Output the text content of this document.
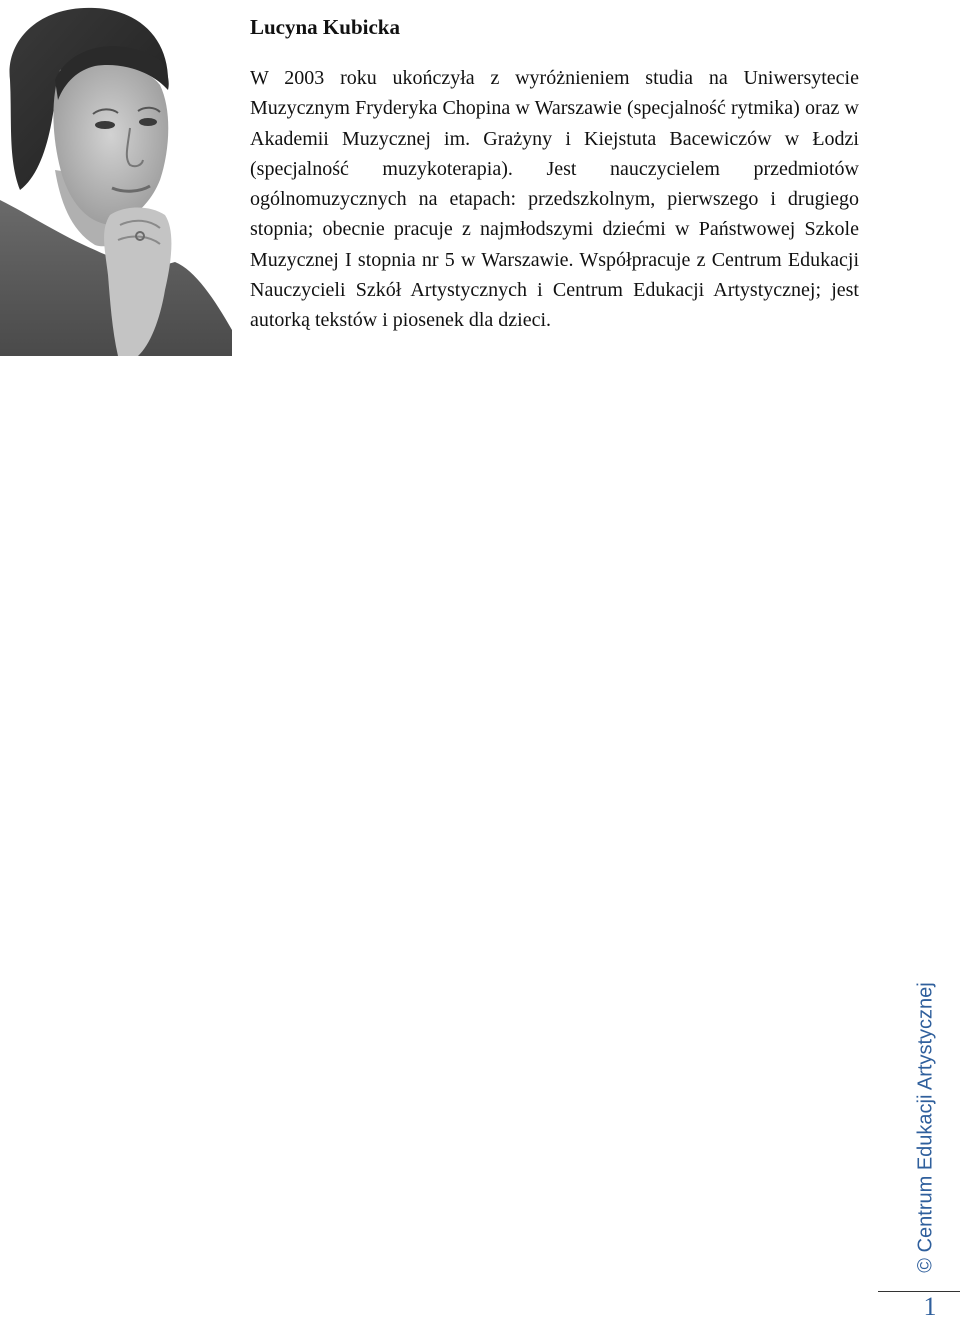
Lucyna Kubicka

W 2003 roku ukończyła z wyróżnieniem studia na Uniwersytecie Muzycznym Fryderyka Chopina w Warszawie (specjalność rytmika) oraz w Akademii Muzycznej im. Grażyny i Kiejstuta Bacewiczów w Łodzi (specjalność muzykoterapia). Jest nauczycielem przedmiotów ogólnomuzycznych na etapach: przedszkolnym, pierwszego i drugiego stopnia; obecnie pracuje z najmłodszymi dziećmi w Państwowej Szkole Muzycznej I stopnia nr 5 w Warszawie. Współpracuje z Centrum Edukacji Nauczycieli Szkół Artystycznych i Centrum Edukacji Artystycznej; jest autorką tekstów i piosenek dla dzieci.

© Centrum Edukacji Artystycznej
1
